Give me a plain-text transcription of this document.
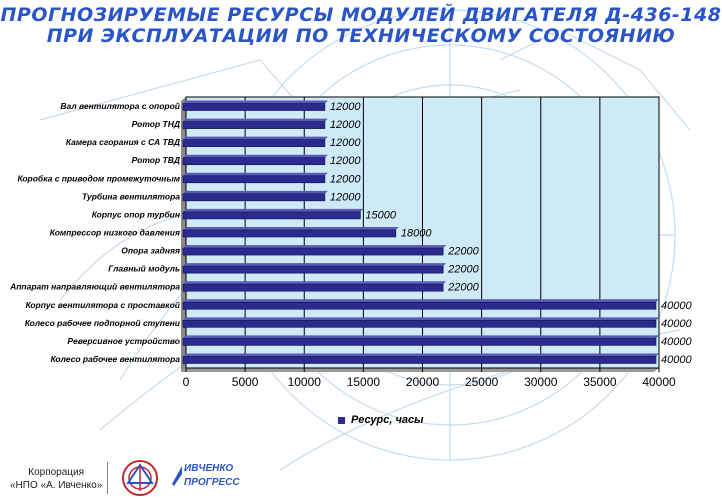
ПРОГНОЗИРУЕМЫЕ РЕСУРСЫ МОДУЛЕЙ ДВИГАТЕЛЯ Д-436-148
ПРИ ЭКСПЛУАТАЦИИ ПО ТЕХНИЧЕСКОМУ СОСТОЯНИЮ
12000
Вал вентилятора с опорой
12000
Ротор ТНД
12000
Камера сгорания с СА ТВД
12000
Ротор ТВД
12000
Коробка с приводом промежуточным
12000
Турбина вентилятора
15000
Корпус опор турбин
18000
Компрессор низкого давления
22000
Опора задняя
22000
Главный модуль
22000
Аппарат направляющий вентилятора
40000
Корпус вентилятора с проставкой
40000
Колесо рабочее подпорной ступени
40000
Реверсивное устройство
40000
Колесо рабочее вентилятора
0	5000 10000 15000 20000 25000 30000 35000 40000
Ресурс, часы
Корпорация
«НПО «А. Ивченко»
ИВЧЕНКО
ПРОГРЕСС
